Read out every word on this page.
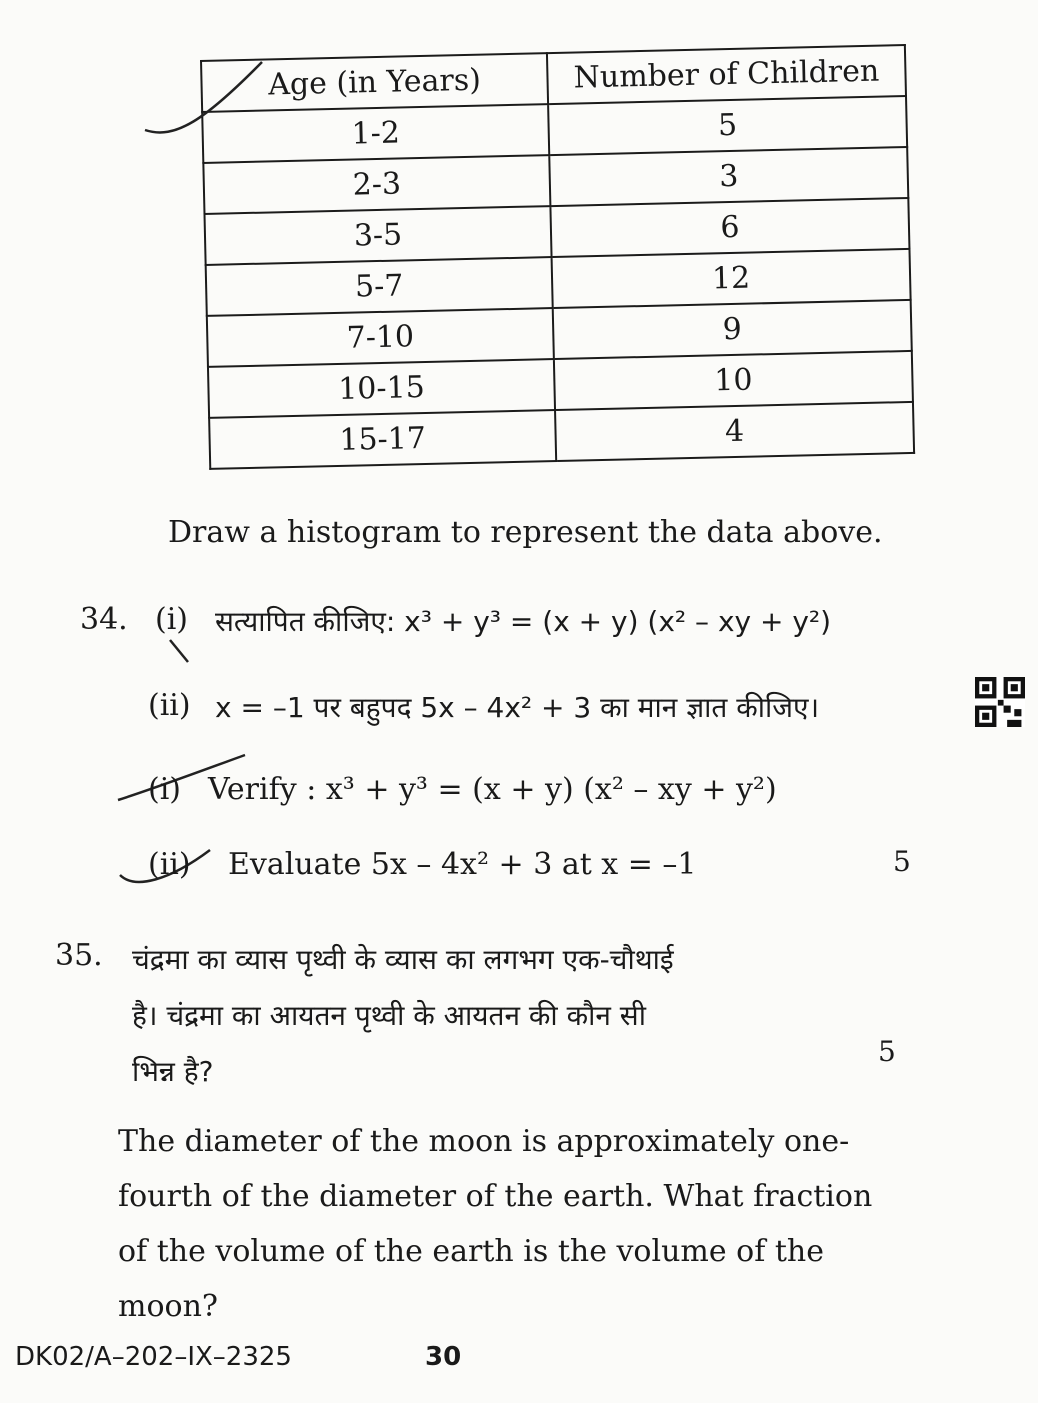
Age (in Years)	Number of Children
1-2	5
2-3	3
3-5	6
5-7	12
7-10	9
10-15	10
15-17	4
Draw a histogram to represent the data above.
34. (i) सत्यापित कीजिए: x³ + y³ = (x + y) (x² – xy + y²)
(ii) x = –1 पर बहुपद 5x – 4x² + 3 का मान ज्ञात कीजिए।
(i) Verify : x³ + y³ = (x + y) (x² – xy + y²)
(ii) Evaluate 5x – 4x² + 3 at x = –1	5
35. चंद्रमा का व्यास पृथ्वी के व्यास का लगभग एक-चौथाई
है। चंद्रमा का आयतन पृथ्वी के आयतन की कौन सी
भिन्न है?
5
The diameter of the moon is approximately one-
fourth of the diameter of the earth. What fraction
of the volume of the earth is the volume of the
moon?
DK02/A–202–IX–2325	30
